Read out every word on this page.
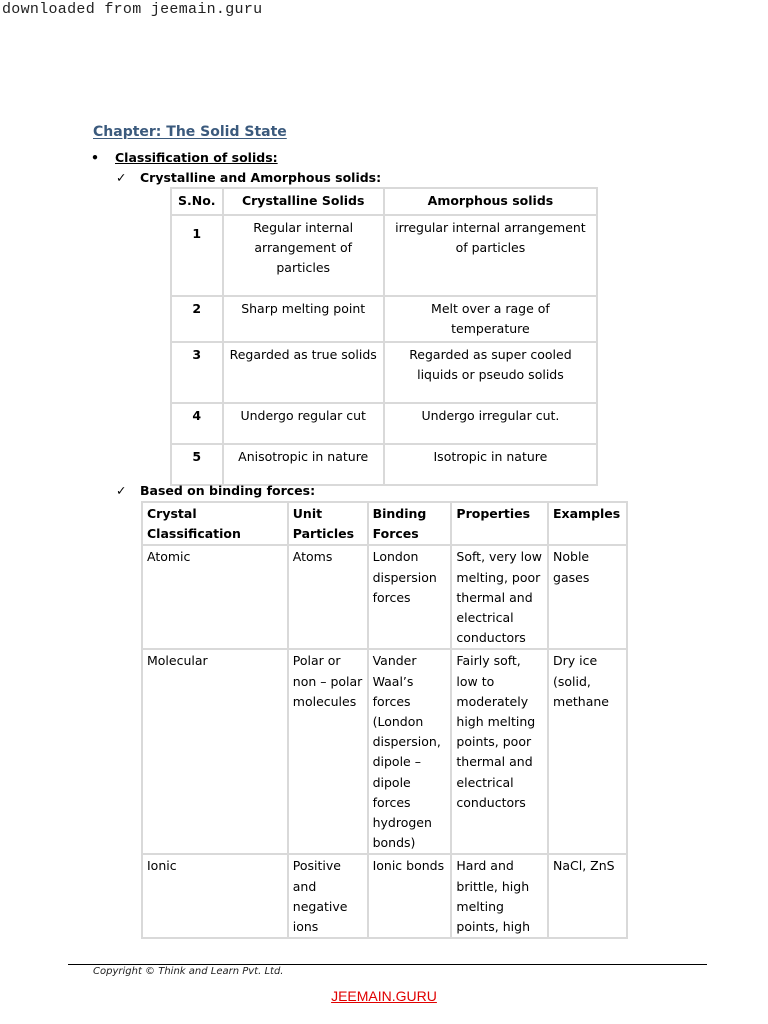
downloaded from jeemain.guru
Chapter: The Solid State
•	Classification of solids:
✓	Crystalline and Amorphous solids:
S.No.	Crystalline Solids	Amorphous solids
1	Regular internal arrangement of particles	irregular internal arrangement of particles
2	Sharp melting point	Melt over a rage of temperature
3	Regarded as true solids	Regarded as super cooled liquids or pseudo solids
4	Undergo regular cut	Undergo irregular cut.
5	Anisotropic in nature	Isotropic in nature
✓	Based on binding forces:
Crystal Classification	Unit Particles	Binding Forces	Properties	Examples
Atomic	Atoms	London dispersion forces	Soft, very low melting, poor thermal and electrical conductors	Noble gases
Molecular	Polar or non – polar molecules	Vander Waal’s forces (London dispersion, dipole – dipole forces hydrogen bonds)	Fairly soft, low to moderately high melting points, poor thermal and electrical conductors	Dry ice (solid, methane
Ionic	Positive and negative ions	Ionic bonds	Hard and brittle, high melting points, high	NaCl, ZnS
Copyright © Think and Learn Pvt. Ltd.
JEEMAIN.GURU
